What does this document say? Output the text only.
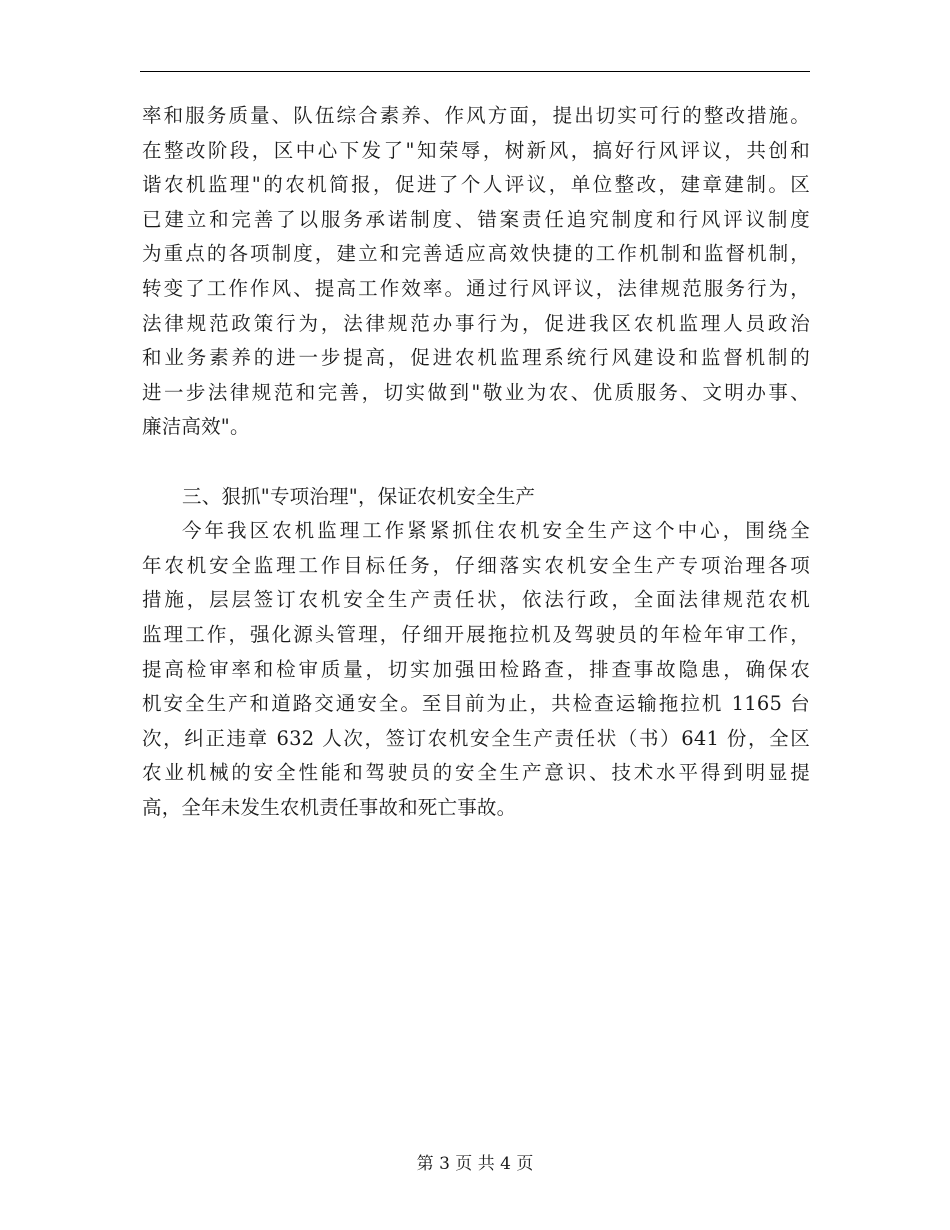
率和服务质量、队伍综合素养、作风方面，提出切实可行的整改措施。
在整改阶段，区中心下发了"知荣辱，树新风，搞好行风评议，共创和
谐农机监理"的农机简报，促进了个人评议，单位整改，建章建制。区
已建立和完善了以服务承诺制度、错案责任追究制度和行风评议制度
为重点的各项制度，建立和完善适应高效快捷的工作机制和监督机制，
转变了工作作风、提高工作效率。通过行风评议，法律规范服务行为，
法律规范政策行为，法律规范办事行为，促进我区农机监理人员政治
和业务素养的进一步提高，促进农机监理系统行风建设和监督机制的
进一步法律规范和完善，切实做到"敬业为农、优质服务、文明办事、
廉洁高效"。
三、狠抓"专项治理"，保证农机安全生产
今年我区农机监理工作紧紧抓住农机安全生产这个中心，围绕全
年农机安全监理工作目标任务，仔细落实农机安全生产专项治理各项
措施，层层签订农机安全生产责任状，依法行政，全面法律规范农机
监理工作，强化源头管理，仔细开展拖拉机及驾驶员的年检年审工作，
提高检审率和检审质量，切实加强田检路查，排查事故隐患，确保农
机安全生产和道路交通安全。至目前为止，共检查运输拖拉机 1165 台
次，纠正违章 632 人次，签订农机安全生产责任状（书）641 份，全区
农业机械的安全性能和驾驶员的安全生产意识、技术水平得到明显提
高，全年未发生农机责任事故和死亡事故。
第 3 页 共 4 页
